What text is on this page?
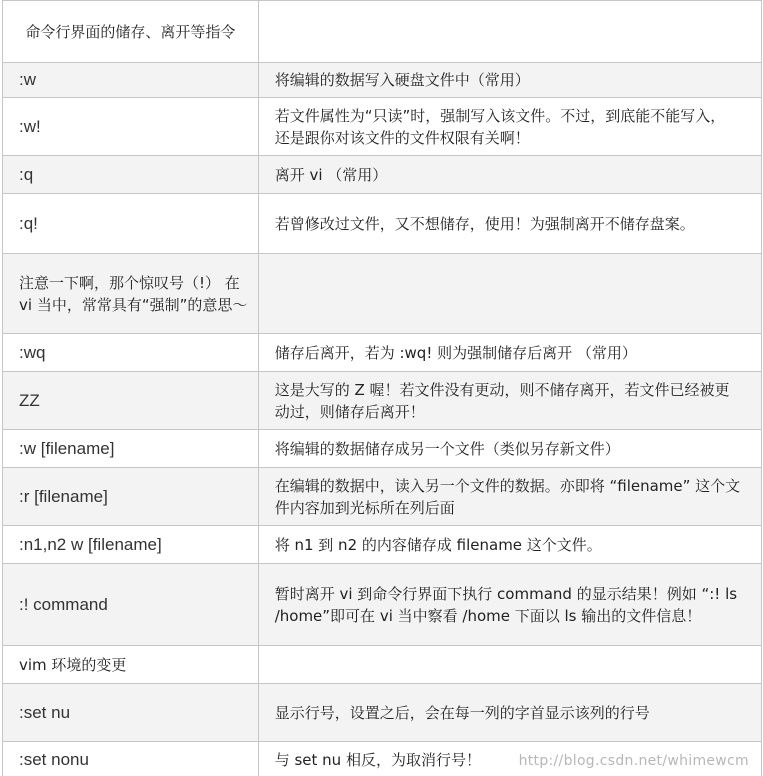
命令行界面的储存、离开等指令	
:w	将编辑的数据写入硬盘文件中（常用）
:w!	若文件属性为“只读”时，强制写入该文件。不过，到底能不能写入， 还是跟你对该文件的文件权限有关啊！
:q	离开 vi （常用）
:q!	若曾修改过文件，又不想储存，使用！为强制离开不储存盘案。
注意一下啊，那个惊叹号（!） 在 vi 当中，常常具有“强制”的意思～	
:wq	储存后离开，若为 :wq! 则为强制储存后离开 （常用）
ZZ	这是大写的 Z 喔！若文件没有更动，则不储存离开，若文件已经被更动过，则储存后离开！
:w [filename]	将编辑的数据储存成另一个文件（类似另存新文件）
:r [filename]	在编辑的数据中，读入另一个文件的数据。亦即将 “filename” 这个文件内容加到光标所在列后面
:n1,n2 w [filename]	将 n1 到 n2 的内容储存成 filename 这个文件。
:! command	暂时离开 vi 到命令行界面下执行 command 的显示结果！例如 “:! ls /home”即可在 vi 当中察看 /home 下面以 ls 输出的文件信息！
vim 环境的变更	
:set nu	显示行号，设置之后，会在每一列的字首显示该列的行号
:set nonu	与 set nu 相反，为取消行号！	http://blog.csdn.net/whimewcm
